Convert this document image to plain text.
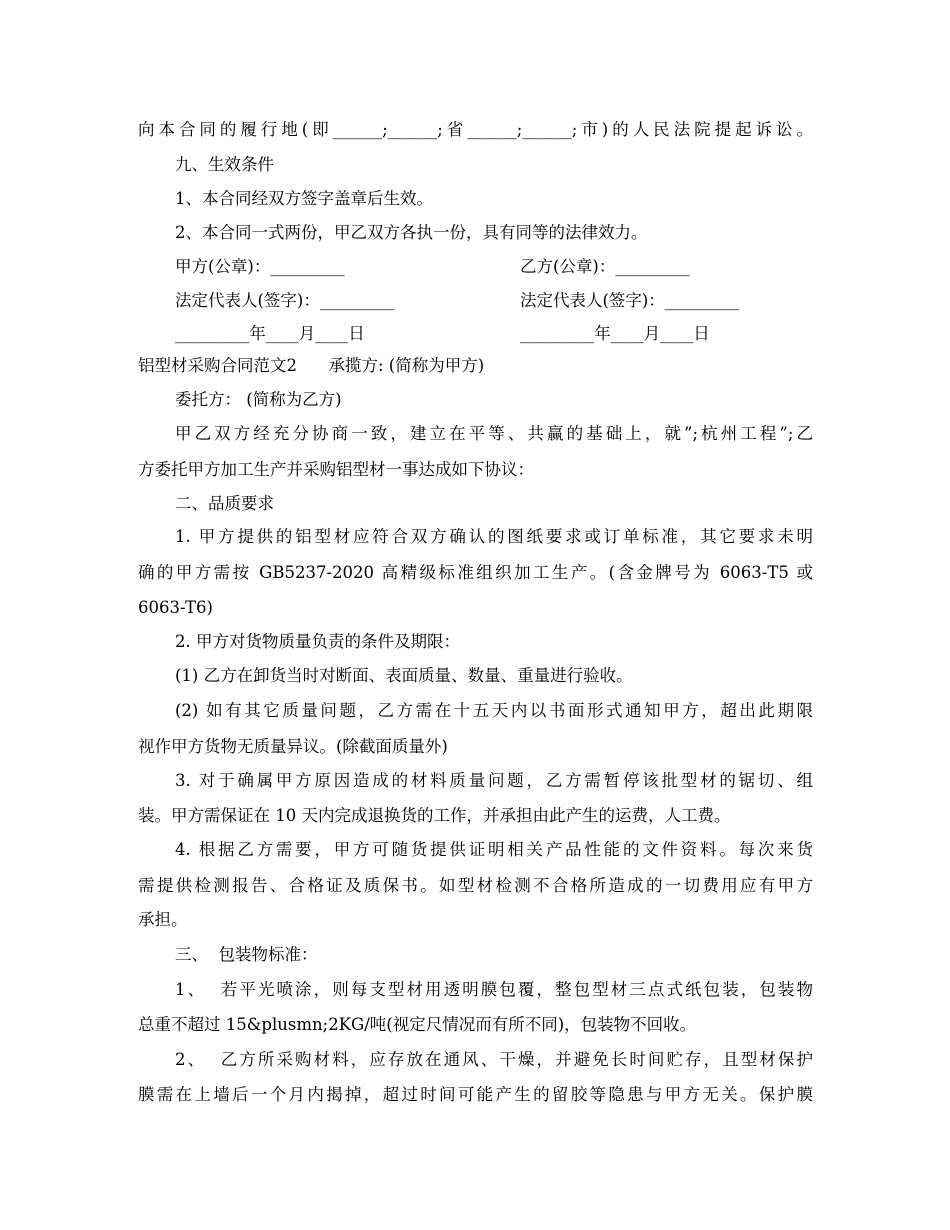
向本合同的履行地(即______;______;省______;______;市)的人民法院提起诉讼。
九、生效条件
1、本合同经双方签字盖章后生效。
2、本合同一式两份，甲乙双方各执一份，具有同等的法律效力。
甲方(公章)：_________	乙方(公章)：_________
法定代表人(签字)：_________	法定代表人(签字)：_________
_________年____月____日	_________年____月____日
铝型材采购合同范文2      承揽方: (简称为甲方)
委托方： (简称为乙方)
甲乙双方经充分协商一致，建立在平等、共赢的基础上，就”;杭州工程”;乙
方委托甲方加工生产并采购铝型材一事达成如下协议：
二、品质要求
1. 甲方提供的铝型材应符合双方确认的图纸要求或订单标准，其它要求未明
确的甲方需按 GB5237-2020 高精级标准组织加工生产。(含金牌号为 6063-T5 或
6063-T6)
2. 甲方对货物质量负责的条件及期限：
(1) 乙方在卸货当时对断面、表面质量、数量、重量进行验收。
(2) 如有其它质量问题，乙方需在十五天内以书面形式通知甲方，超出此期限
视作甲方货物无质量异议。(除截面质量外)
3. 对于确属甲方原因造成的材料质量问题，乙方需暂停该批型材的锯切、组
装。甲方需保证在 10 天内完成退换货的工作，并承担由此产生的运费，人工费。
4. 根据乙方需要，甲方可随货提供证明相关产品性能的文件资料。每次来货
需提供检测报告、合格证及质保书。如型材检测不合格所造成的一切费用应有甲方
承担。
三、  包装物标准：
1、  若平光喷涂，则每支型材用透明膜包覆，整包型材三点式纸包装，包装物
总重不超过 15&plusmn;2KG/吨(视定尺情况而有所不同)，包装物不回收。
2、  乙方所采购材料，应存放在通风、干燥，并避免长时间贮存，且型材保护
膜需在上墙后一个月内揭掉，超过时间可能产生的留胶等隐患与甲方无关。保护膜
